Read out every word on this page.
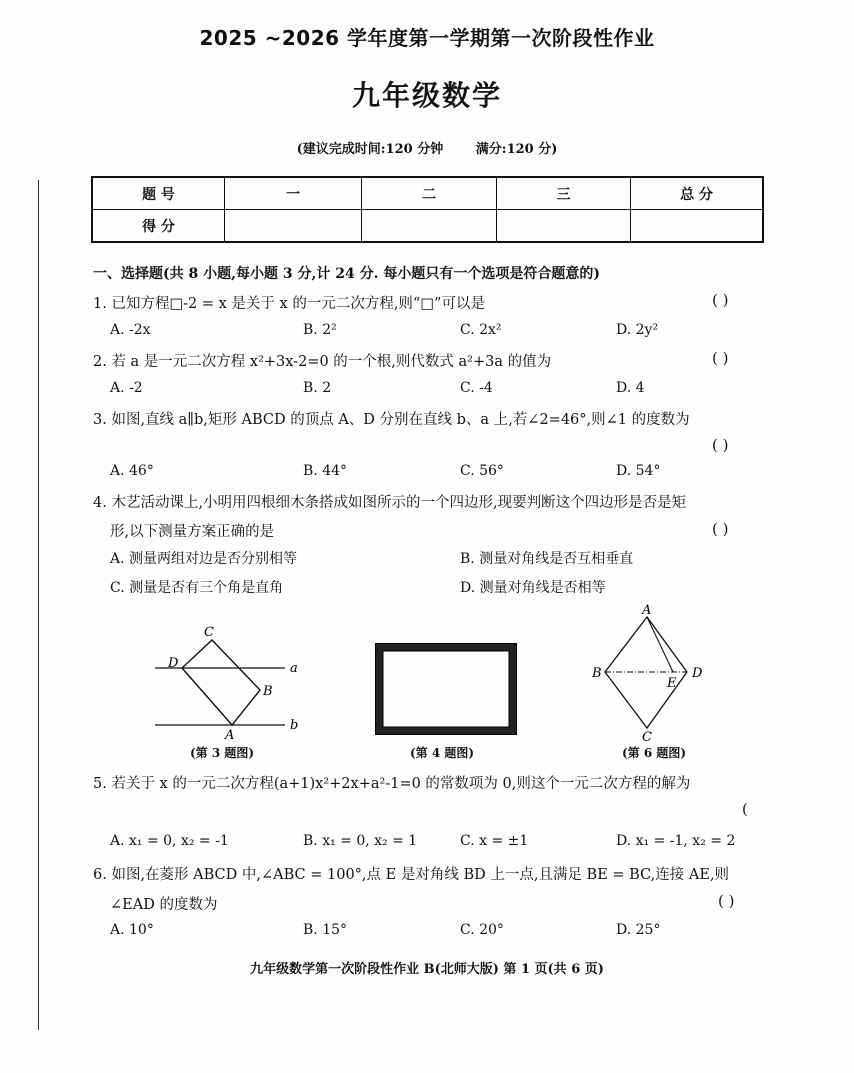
2025 ~2026 学年度第一学期第一次阶段性作业
九年级数学
(建议完成时间:120 分钟	满分:120 分)
题 号	一	二	三	总 分
得 分				
一、选择题(共 8 小题,每小题 3 分,计 24 分. 每小题只有一个选项是符合题意的)
1. 已知方程□-2 = x 是关于 x 的一元二次方程,则“□”可以是	( )
A. -2x	B. 2²	C. 2x²	D. 2y²
2. 若 a 是一元二次方程 x²+3x-2=0 的一个根,则代数式 a²+3a 的值为	( )
A. -2	B. 2	C. -4	D. 4
3. 如图,直线 a∥b,矩形 ABCD 的顶点 A、D 分别在直线 b、a 上,若∠2=46°,则∠1 的度数为
( )
A. 46°	B. 44°	C. 56°	D. 54°
4. 木艺活动课上,小明用四根细木条搭成如图所示的一个四边形,现要判断这个四边形是否是矩
形,以下测量方案正确的是	( )
A. 测量两组对边是否分别相等	B. 测量对角线是否互相垂直
C. 测量是否有三个角是直角	D. 测量对角线是否相等
C
D	a
B
b
A
(第 3 题图)	(第 4 题图)
A
B	D
E
C
(第 6 题图)
5. 若关于 x 的一元二次方程(a+1)x²+2x+a²-1=0 的常数项为 0,则这个一元二次方程的解为
(
A. x₁ = 0, x₂ = -1	B. x₁ = 0, x₂ = 1	C. x = ±1	D. x₁ = -1, x₂ = 2
6. 如图,在菱形 ABCD 中,∠ABC = 100°,点 E 是对角线 BD 上一点,且满足 BE = BC,连接 AE,则
∠EAD 的度数为	( )
A. 10°	B. 15°	C. 20°	D. 25°
九年级数学第一次阶段性作业 B(北师大版) 第 1 页(共 6 页)
